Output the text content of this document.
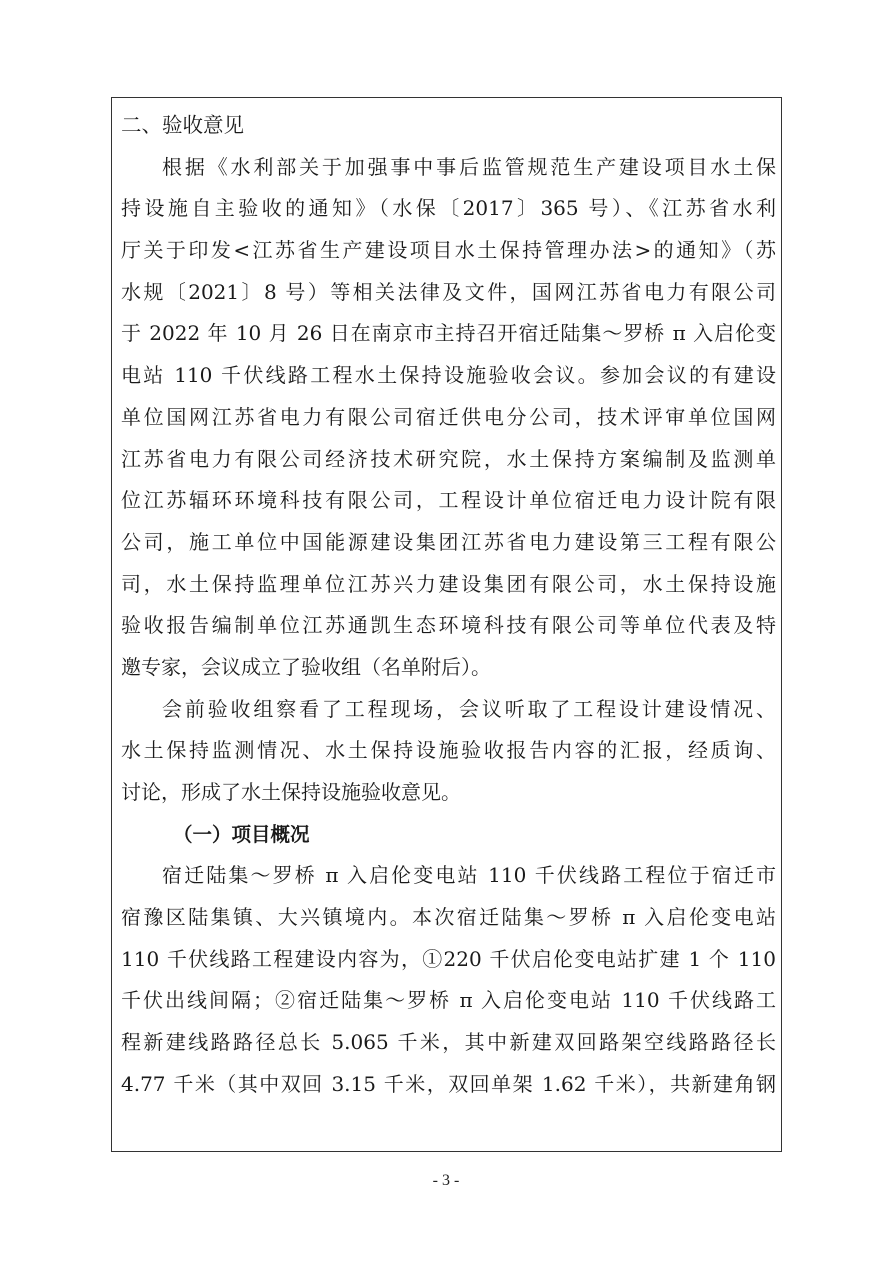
二、验收意见
根据《水利部关于加强事中事后监管规范生产建设项目水土保
持设施自主验收的通知》（水保〔2017〕365 号）、《江苏省水利
厅关于印发<江苏省生产建设项目水土保持管理办法>的通知》（苏
水规〔2021〕8 号）等相关法律及文件，国网江苏省电力有限公司
于 2022 年 10 月 26 日在南京市主持召开宿迁陆集～罗桥 π 入启伦变
电站 110 千伏线路工程水土保持设施验收会议。参加会议的有建设
单位国网江苏省电力有限公司宿迁供电分公司，技术评审单位国网
江苏省电力有限公司经济技术研究院，水土保持方案编制及监测单
位江苏辐环环境科技有限公司，工程设计单位宿迁电力设计院有限
公司，施工单位中国能源建设集团江苏省电力建设第三工程有限公
司，水土保持监理单位江苏兴力建设集团有限公司，水土保持设施
验收报告编制单位江苏通凯生态环境科技有限公司等单位代表及特
邀专家，会议成立了验收组（名单附后）。
会前验收组察看了工程现场，会议听取了工程设计建设情况、
水土保持监测情况、水土保持设施验收报告内容的汇报，经质询、
讨论，形成了水土保持设施验收意见。
（一）项目概况
宿迁陆集～罗桥 π 入启伦变电站 110 千伏线路工程位于宿迁市
宿豫区陆集镇、大兴镇境内。本次宿迁陆集～罗桥 π 入启伦变电站
110 千伏线路工程建设内容为，①220 千伏启伦变电站扩建 1 个 110
千伏出线间隔；②宿迁陆集～罗桥 π 入启伦变电站 110 千伏线路工
程新建线路路径总长 5.065 千米，其中新建双回路架空线路路径长
4.77 千米（其中双回 3.15 千米，双回单架 1.62 千米），共新建角钢
- 3 -
